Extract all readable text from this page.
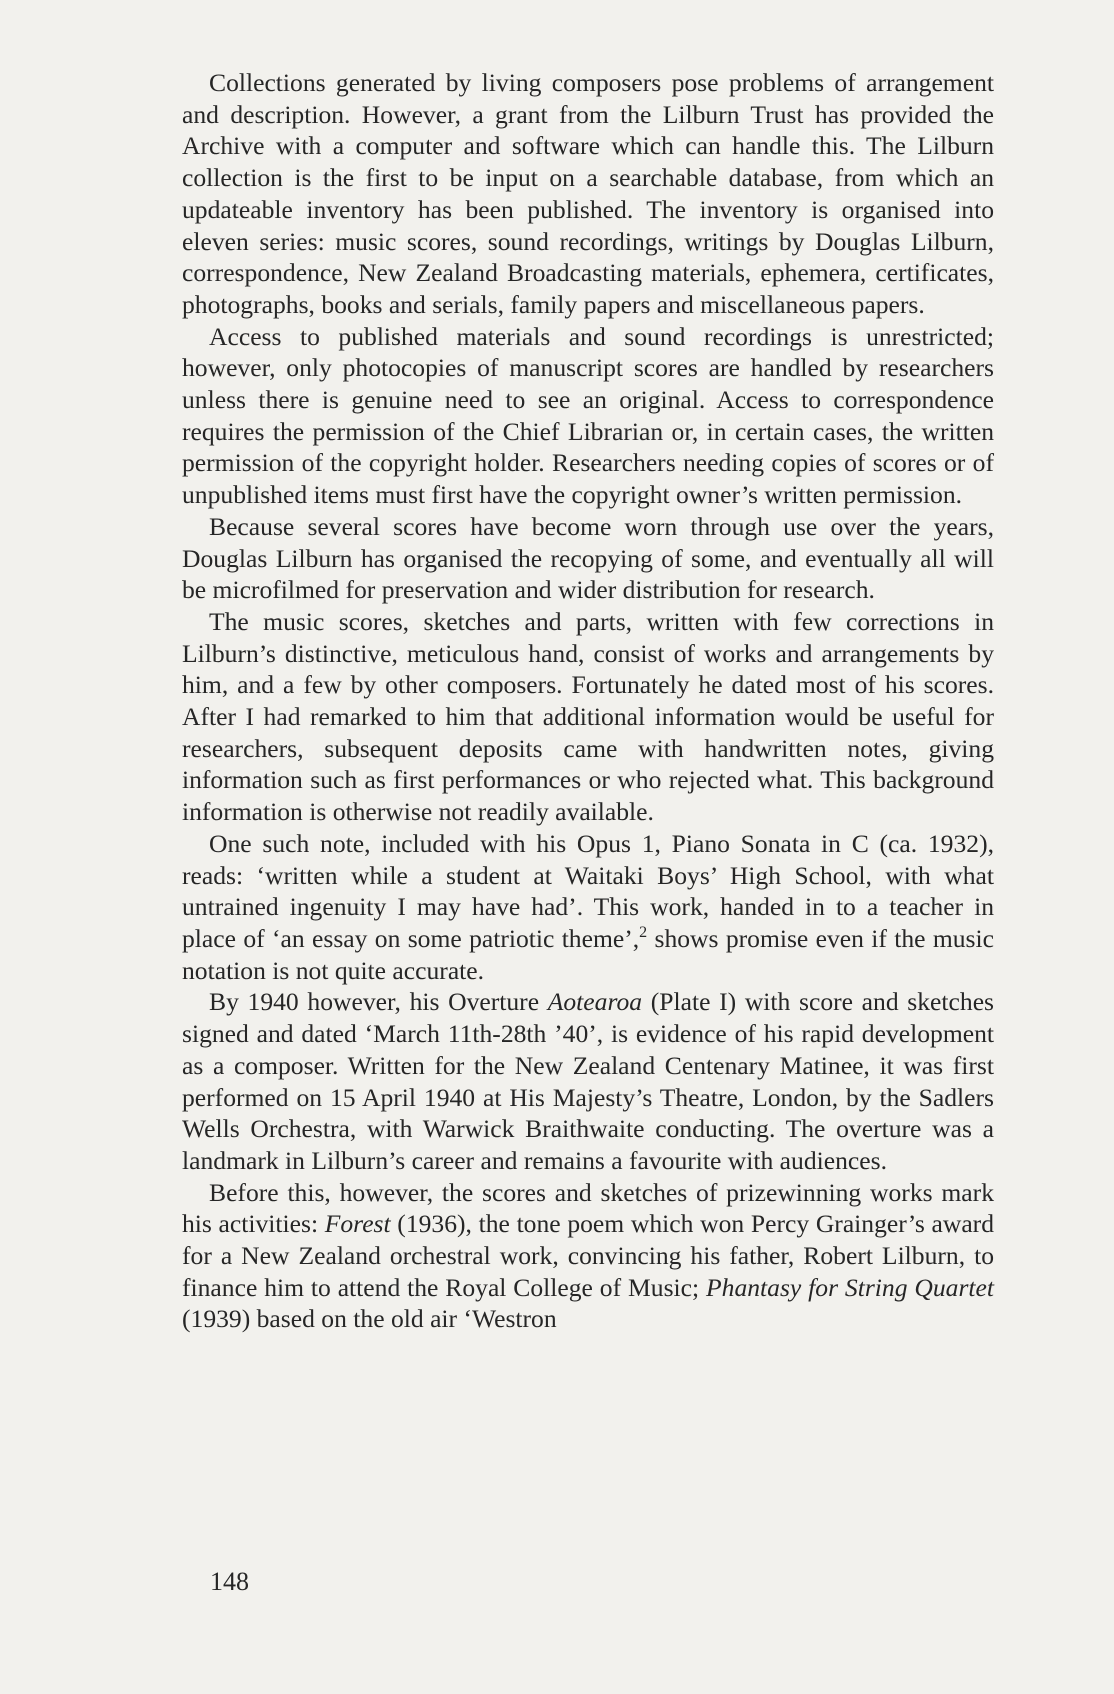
Collections generated by living composers pose problems of arrangement and description. However, a grant from the Lilburn Trust has provided the Archive with a computer and software which can handle this. The Lilburn collection is the first to be input on a searchable database, from which an updateable inventory has been published. The inventory is organised into eleven series: music scores, sound recordings, writings by Douglas Lilburn, correspondence, New Zealand Broadcasting materials, ephemera, certificates, photographs, books and serials, family papers and miscellaneous papers.

Access to published materials and sound recordings is unrestricted; however, only photocopies of manuscript scores are handled by researchers unless there is genuine need to see an original. Access to correspondence requires the permission of the Chief Librarian or, in certain cases, the written permission of the copyright holder. Researchers needing copies of scores or of unpublished items must first have the copyright owner’s written permission.

Because several scores have become worn through use over the years, Douglas Lilburn has organised the recopying of some, and eventually all will be microfilmed for preservation and wider distribution for research.

The music scores, sketches and parts, written with few corrections in Lilburn’s distinctive, meticulous hand, consist of works and arrangements by him, and a few by other composers. Fortunately he dated most of his scores. After I had remarked to him that additional information would be useful for researchers, subsequent deposits came with handwritten notes, giving information such as first performances or who rejected what. This background information is otherwise not readily available.

One such note, included with his Opus 1, Piano Sonata in C (ca. 1932), reads: ‘written while a student at Waitaki Boys’ High School, with what untrained ingenuity I may have had’. This work, handed in to a teacher in place of ‘an essay on some patriotic theme’,$^2$ shows promise even if the music notation is not quite accurate.

By 1940 however, his Overture Aotearoa (Plate I) with score and sketches signed and dated ‘March 11th-28th ’40’, is evidence of his rapid development as a composer. Written for the New Zealand Centenary Matinee, it was first performed on 15 April 1940 at His Majesty’s Theatre, London, by the Sadlers Wells Orchestra, with Warwick Braithwaite conducting. The overture was a landmark in Lilburn’s career and remains a favourite with audiences.

Before this, however, the scores and sketches of prizewinning works mark his activities: Forest (1936), the tone poem which won Percy Grainger’s award for a New Zealand orchestral work, convincing his father, Robert Lilburn, to finance him to attend the Royal College of Music; Phantasy for String Quartet (1939) based on the old air ‘Westron

148
